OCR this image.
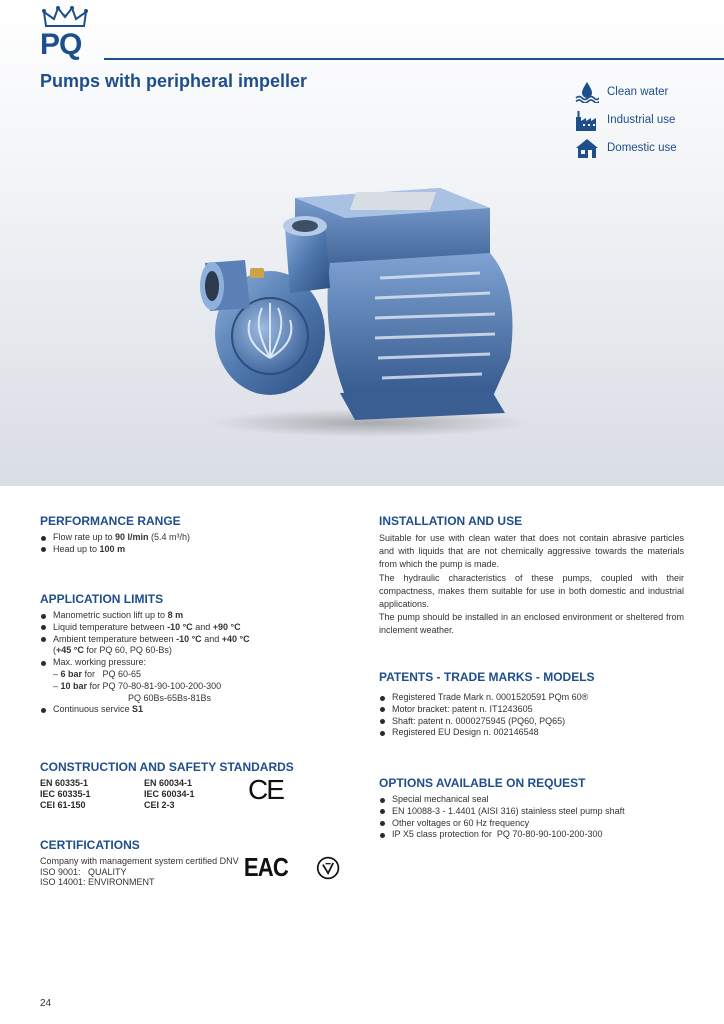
PQ
Pumps with peripheral impeller
Clean water
Industrial use
Domestic use
PERFORMANCE RANGE
Flow rate up to 90 l/min (5.4 m³/h)
Head up to 100 m
APPLICATION LIMITS
Manometric suction lift up to 8 m
Liquid temperature between -10 °C and +90 °C
Ambient temperature between -10 °C and +40 °C
(+45 °C for PQ 60, PQ 60-Bs)
Max. working pressure:
– 6 bar for   PQ 60-65
– 10 bar for PQ 70-80-81-90-100-200-300
PQ 60Bs-65Bs-81Bs
Continuous service S1
CONSTRUCTION AND SAFETY STANDARDS
EN 60335-1	EN 60034-1
IEC 60335-1	IEC 60034-1
CEI 61-150	CEI 2-3	CE
CERTIFICATIONS
Company with management system certified DNV
ISO 9001:   QUALITY
ISO 14001: ENVIRONMENT	EAC
INSTALLATION AND USE

Suitable for use with clean water that does not contain abrasive particles and with liquids that are not chemically aggressive towards the materials from which the pump is made.

The hydraulic characteristics of these pumps, coupled with their compactness, makes them suitable for use in both domestic and industrial applications.

The pump should be installed in an enclosed environment or sheltered from inclement weather.

PATENTS - TRADE MARKS - MODELS
Registered Trade Mark n. 0001520591 PQm 60®
Motor bracket: patent n. IT1243605
Shaft: patent n. 0000275945 (PQ60, PQ65)
Registered EU Design n. 002146548
OPTIONS AVAILABLE ON REQUEST
Special mechanical seal
EN 10088-3 - 1.4401 (AISI 316) stainless steel pump shaft
Other voltages or 60 Hz frequency
IP X5 class protection for  PQ 70-80-90-100-200-300
24
